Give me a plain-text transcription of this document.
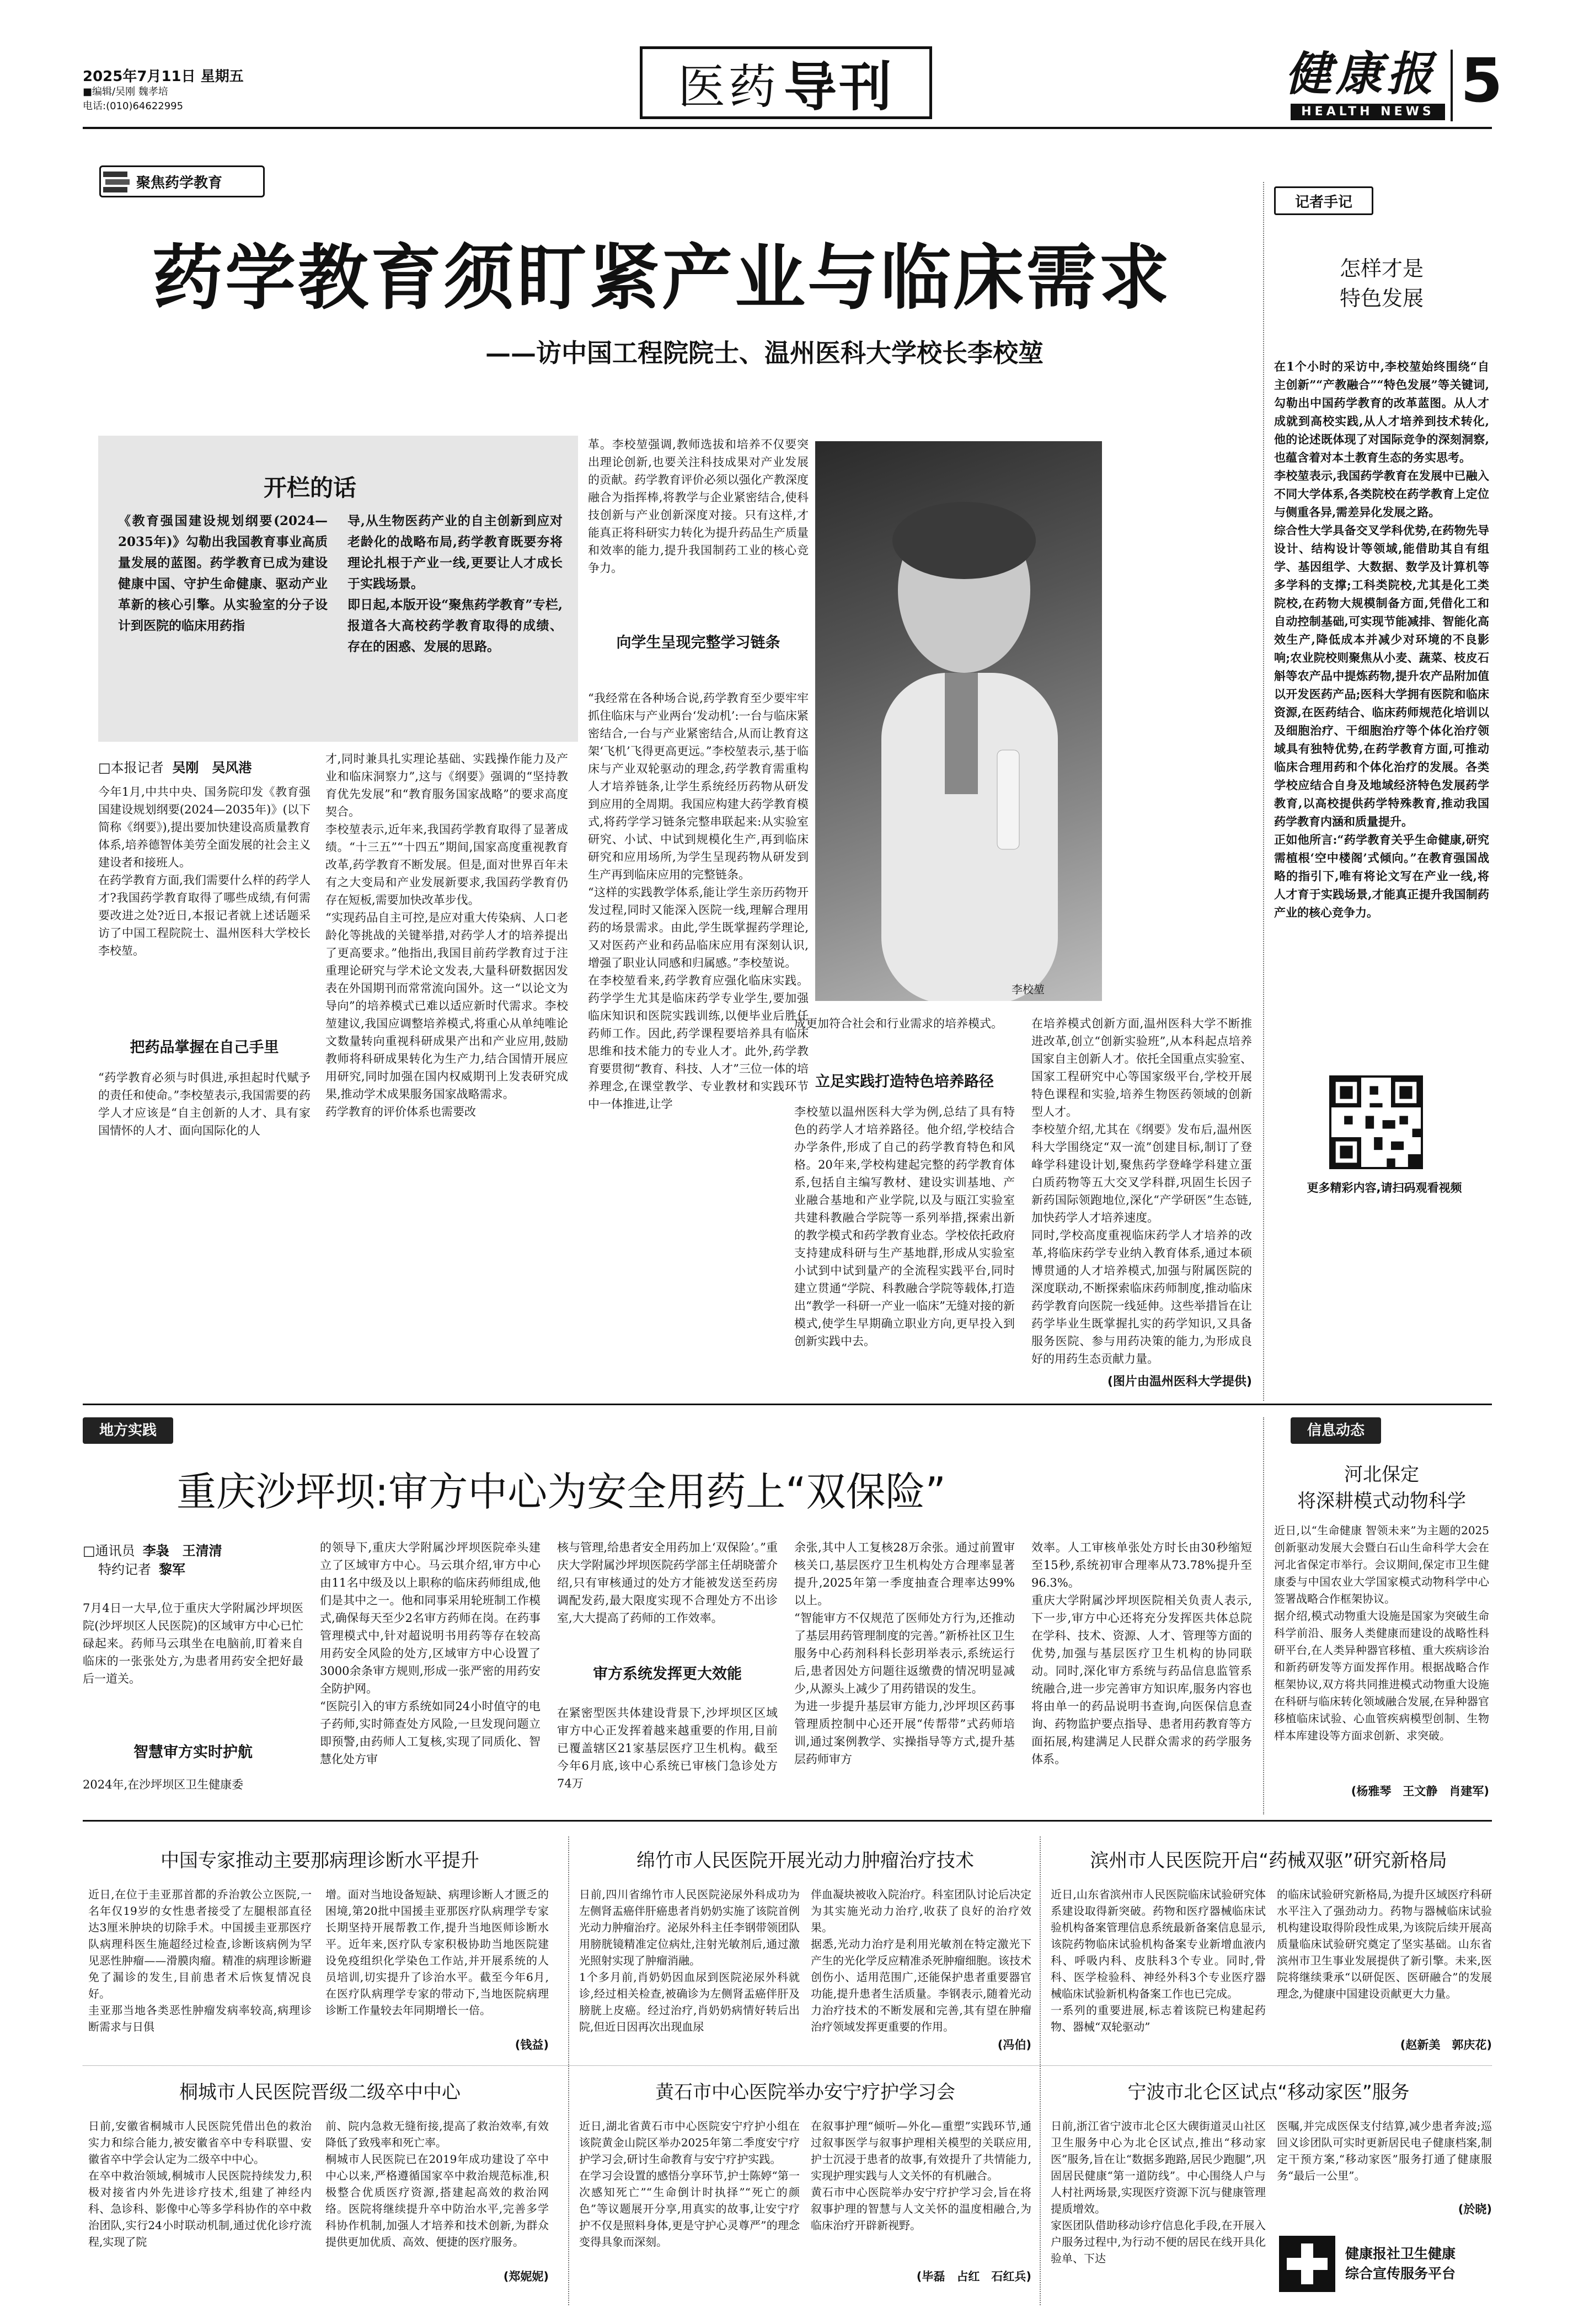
2025年7月11日 星期五
■编辑/吴刚 魏孝培
电话:(010)64622995	医药 导刊	健康报
HEALTH NEWS 5
聚焦药学教育
药学教育须盯紧产业与临床需求
——访中国工程院院士、温州医科大学校长李校堃
开栏的话
《教育强国建设规划纲要(2024—2035年)》勾勒出我国教育事业高质量发展的蓝图。药学教育已成为建设健康中国、守护生命健康、驱动产业革新的核心引擎。从实验室的分子设计到医院的临床用药指
导,从生物医药产业的自主创新到应对老龄化的战略布局,药学教育既要夯将理论扎根于产业一线,更要让人才成长于实践场景。
即日起,本版开设“聚焦药学教育”专栏,报道各大高校药学教育取得的成绩、存在的困惑、发展的思路。
□本报记者 吴刚　吴风港
今年1月,中共中央、国务院印发《教育强国建设规划纲要(2024—2035年)》(以下简称《纲要》),提出要加快建设高质量教育体系,培养德智体美劳全面发展的社会主义建设者和接班人。
在药学教育方面,我们需要什么样的药学人才?我国药学教育取得了哪些成绩,有何需要改进之处?近日,本报记者就上述话题采访了中国工程院院士、温州医科大学校长李校堃。
把药品掌握在自己手里
“药学教育必须与时俱进,承担起时代赋予的责任和使命。”李校堃表示,我国需要的药学人才应该是“自主创新的人才、具有家国情怀的人才、面向国际化的人
才,同时兼具扎实理论基础、实践操作能力及产业和临床洞察力”,这与《纲要》强调的“坚持教育优先发展”和“教育服务国家战略”的要求高度契合。
李校堃表示,近年来,我国药学教育取得了显著成绩。“十三五”“十四五”期间,国家高度重视教育改革,药学教育不断发展。但是,面对世界百年未有之大变局和产业发展新要求,我国药学教育仍存在短板,需要加快改革步伐。
“实现药品自主可控,是应对重大传染病、人口老龄化等挑战的关键举措,对药学人才的培养提出了更高要求。”他指出,我国目前药学教育过于注重理论研究与学术论文发表,大量科研数据因发表在外国期刊而常常流向国外。这一“以论文为导向”的培养模式已难以适应新时代需求。李校堃建议,我国应调整培养模式,将重心从单纯唯论文数量转向重视科研成果产出和产业应用,鼓励教师将科研成果转化为生产力,结合国情开展应用研究,同时加强在国内权威期刊上发表研究成果,推动学术成果服务国家战略需求。
药学教育的评价体系也需要改
革。李校堃强调,教师选拔和培养不仅要突出理论创新,也要关注科技成果对产业发展的贡献。药学教育评价必须以强化产教深度融合为指挥棒,将教学与企业紧密结合,使科技创新与产业创新深度对接。只有这样,才能真正将科研实力转化为提升药品生产质量和效率的能力,提升我国制药工业的核心竞争力。
向学生呈现完整学习链条
“我经常在各种场合说,药学教育至少要牢牢抓住临床与产业两台‘发动机’:一台与临床紧密结合,一台与产业紧密结合,从而让教育这架‘飞机’飞得更高更远。”李校堃表示,基于临床与产业双轮驱动的理念,药学教育需重构人才培养链条,让学生系统经历药物从研发到应用的全周期。我国应构建大药学教育模式,将药学学习链条完整串联起来:从实验室研究、小试、中试到规模化生产,再到临床研究和应用场所,为学生呈现药物从研发到生产再到临床应用的完整链条。
“这样的实践教学体系,能让学生亲历药物开发过程,同时又能深入医院一线,理解合理用药的场景需求。由此,学生既掌握药学理论,又对医药产业和药品临床应用有深刻认识,增强了职业认同感和归属感。”李校堃说。
在李校堃看来,药学教育应强化临床实践。药学学生尤其是临床药学专业学生,要加强临床知识和医院实践训练,以便毕业后胜任药师工作。因此,药学课程要培养具有临床思维和技术能力的专业人才。此外,药学教育要贯彻“教育、科技、人才”三位一体的培养理念,在课堂教学、专业教材和实践环节中一体推进,让学
李校堃
成更加符合社会和行业需求的培养模式。
立足实践打造特色培养路径
李校堃以温州医科大学为例,总结了具有特色的药学人才培养路径。他介绍,学校结合办学条件,形成了自己的药学教育特色和风格。20年来,学校构建起完整的药学教育体系,包括自主编写教材、建设实训基地、产业融合基地和产业学院,以及与瓯江实验室共建科教融合学院等一系列举措,探索出新的教学模式和药学教育业态。学校依托政府支持建成科研与生产基地群,形成从实验室小试到中试到量产的全流程实践平台,同时建立贯通“学院、科教融合学院等载体,打造出“教学一科研一产业一临床”无缝对接的新模式,使学生早期确立职业方向,更早投入到创新实践中去。
在培养模式创新方面,温州医科大学不断推进改革,创立“创新实验班”,从本科起点培养国家自主创新人才。依托全国重点实验室、国家工程研究中心等国家级平台,学校开展特色课程和实验,培养生物医药领域的创新型人才。
李校堃介绍,尤其在《纲要》发布后,温州医科大学围绕定“双一流”创建目标,制订了登峰学科建设计划,聚焦药学登峰学科建立蛋白质药物等五大交叉学科群,巩固生长因子新药国际领跑地位,深化“产学研医”生态链,加快药学人才培养速度。
同时,学校高度重视临床药学人才培养的改革,将临床药学专业纳入教育体系,通过本硕博贯通的人才培养模式,加强与附属医院的深度联动,不断探索临床药师制度,推动临床药学教育向医院一线延伸。这些举措旨在让药学毕业生既掌握扎实的药学知识,又具备服务医院、参与用药决策的能力,为形成良好的用药生态贡献力量。
(图片由温州医科大学提供)
记者手记
怎样才是
特色发展
在1个小时的采访中,李校堃始终围绕“自主创新”“产教融合”“特色发展”等关键词,勾勒出中国药学教育的改革蓝图。从人才成就到高校实践,从人才培养到技术转化,他的论述既体现了对国际竞争的深刻洞察,也蕴含着对本土教育生态的务实思考。
李校堃表示,我国药学教育在发展中已融入不同大学体系,各类院校在药学教育上定位与侧重各异,需差异化发展之路。
综合性大学具备交叉学科优势,在药物先导设计、结构设计等领域,能借助其自有组学、基因组学、大数据、数学及计算机等多学科的支撑;工科类院校,尤其是化工类院校,在药物大规模制备方面,凭借化工和自动控制基础,可实现节能减排、智能化高效生产,降低成本并减少对环境的不良影响;农业院校则聚焦从小麦、蔬菜、枝皮石斛等农产品中提炼药物,提升农产品附加值以开发医药产品;医科大学拥有医院和临床资源,在医药结合、临床药师规范化培训以及细胞治疗、干细胞治疗等个体化治疗领域具有独特优势,在药学教育方面,可推动临床合理用药和个体化治疗的发展。各类学校应结合自身及地域经济特色发展药学教育,以高校提供药学特殊教育,推动我国药学教育内涵和质量提升。
正如他所言:“药学教育关乎生命健康,研究需植根‘空中楼阁’式倾向。”在教育强国战略的指引下,唯有将论文写在产业一线,将人才育于实践场景,才能真正提升我国制药产业的核心竞争力。
更多精彩内容,请扫码观看视频
地方实践
重庆沙坪坝:审方中心为安全用药上“双保险”
□通讯员 李袅　王清清
特约记者 黎军
7月4日一大早,位于重庆大学附属沙坪坝医院(沙坪坝区人民医院)的区域审方中心已忙碌起来。药师马云琪坐在电脑前,盯着来自临床的一张张处方,为患者用药安全把好最后一道关。
智慧审方实时护航
2024年,在沙坪坝区卫生健康委
的领导下,重庆大学附属沙坪坝医院牵头建立了区域审方中心。马云琪介绍,审方中心由11名中级及以上职称的临床药师组成,他们是其中之一。他和同事采用轮班制工作模式,确保每天至少2名审方药师在岗。在药事管理模式中,针对超说明书用药等存在较高用药安全风险的处方,区域审方中心设置了3000余条审方规则,形成一张严密的用药安全防护网。
“医院引入的审方系统如同24小时值守的电子药师,实时筛查处方风险,一旦发现问题立即预警,由药师人工复核,实现了同质化、智慧化处方审
核与管理,给患者安全用药加上‘双保险’。”重庆大学附属沙坪坝医院药学部主任胡晓蕾介绍,只有审核通过的处方才能被发送至药房调配发药,最大限度实现不合理处方不出诊室,大大提高了药师的工作效率。
审方系统发挥更大效能
在紧密型医共体建设背景下,沙坪坝区区域审方中心正发挥着越来越重要的作用,目前已覆盖辖区21家基层医疗卫生机构。截至今年6月底,该中心系统已审核门急诊处方74万
余张,其中人工复核28万余张。通过前置审核关口,基层医疗卫生机构处方合理率显著提升,2025年第一季度抽查合理率达99%以上。
“智能审方不仅规范了医师处方行为,还推动了基层用药管理制度的完善。”新桥社区卫生服务中心药剂科科长彭玥举表示,系统运行后,患者因处方问题往返缴费的情况明显减少,从源头上减少了用药错误的发生。
为进一步提升基层审方能力,沙坪坝区药事管理质控制中心还开展“传帮带”式药师培训,通过案例教学、实操指导等方式,提升基层药师审方
效率。人工审核单张处方时长由30秒缩短至15秒,系统初审合理率从73.78%提升至96.3%。
重庆大学附属沙坪坝医院相关负责人表示,下一步,审方中心还将充分发挥医共体总院在学科、技术、资源、人才、管理等方面的优势,加强与基层医疗卫生机构的协同联动。同时,深化审方系统与药品信息监管系统融合,进一步完善审方知识库,服务内容也将由单一的药品说明书查询,向医保信息查询、药物监护要点指导、患者用药教育等方面拓展,构建满足人民群众需求的药学服务体系。
信息动态
河北保定
将深耕模式动物科学
近日,以“生命健康 智领未来”为主题的2025创新驱动发展大会暨白石山生命科学大会在河北省保定市举行。会议期间,保定市卫生健康委与中国农业大学国家模式动物科学中心签署战略合作框架协议。
据介绍,模式动物重大设施是国家为突破生命科学前沿、服务人类健康而建设的战略性科研平台,在人类异种器官移植、重大疾病诊治和新药研发等方面发挥作用。根据战略合作框架协议,双方将共同推进模式动物重大设施在科研与临床转化领域融合发展,在异种器官移植临床试验、心血管疾病模型创制、生物样本库建设等方面求创新、求突破。
(杨雅琴　王文静　肖建军)
中国专家推动主要那病理诊断水平提升
近日,在位于圭亚那首都的乔治敦公立医院,一名年仅19岁的女性患者接受了左腿根部直径达3厘米肿块的切除手术。中国援圭亚那医疗队病理科医生施超经过检查,诊断该病例为罕见恶性肿瘤——滑膜肉瘤。精准的病理诊断避免了漏诊的发生,目前患者术后恢复情况良好。
圭亚那当地各类恶性肿瘤发病率较高,病理诊断需求与日俱
增。面对当地设备短缺、病理诊断人才匮乏的困境,第20批中国援圭亚那医疗队病理学专家长期坚持开展帮教工作,提升当地医师诊断水平。近年来,医疗队专家积极协助当地医院建设免疫组织化学染色工作站,并开展系统的人员培训,切实提升了诊治水平。截至今年6月,在医疗队病理学专家的带动下,当地医院病理诊断工作量较去年同期增长一倍。
(钱益)
绵竹市人民医院开展光动力肿瘤治疗技术
日前,四川省绵竹市人民医院泌尿外科成功为左侧肾盂癌伴肝癌患者肖奶奶实施了该院首例光动力肿瘤治疗。泌尿外科主任李钢带领团队用膀胱镜精准定位病灶,注射光敏剂后,通过激光照射实现了肿瘤消融。
1个多月前,肖奶奶因血尿到医院泌尿外科就诊,经过相关检查,被确诊为左侧肾盂癌伴肝及膀胱上皮癌。经过治疗,肖奶奶病情好转后出院,但近日因再次出现血尿
伴血凝块被收入院治疗。科室团队讨论后决定为其实施光动力治疗,收获了良好的治疗效果。
据悉,光动力治疗是利用光敏剂在特定激光下产生的光化学反应精准杀死肿瘤细胞。该技术创伤小、适用范围广,还能保护患者重要器官功能,提升患者生活质量。李钢表示,随着光动力治疗技术的不断发展和完善,其有望在肿瘤治疗领域发挥更重要的作用。
(冯伯)
滨州市人民医院开启“药械双驱”研究新格局
近日,山东省滨州市人民医院临床试验研究体系建设取得新突破。药物和医疗器械临床试验机构备案管理信息系统最新备案信息显示,该院药物临床试验机构备案专业新增血液内科、呼吸内科、皮肤科3个专业。同时,骨科、医学检验科、神经外科3个专业医疗器械临床试验新机构备案工作也已完成。
一系列的重要进展,标志着该院已构建起药物、器械“双轮驱动”
的临床试验研究新格局,为提升区域医疗科研水平注入了强劲动力。药物与器械临床试验机构建设取得阶段性成果,为该院后续开展高质量临床试验研究奠定了坚实基础。山东省滨州市卫生事业发展提供了新引擎。未来,医院将继续秉承“以研促医、医研融合”的发展理念,为健康中国建设贡献更大力量。
(赵新美　郭庆花)
桐城市人民医院晋级二级卒中中心
日前,安徽省桐城市人民医院凭借出色的救治实力和综合能力,被安徽省卒中专科联盟、安徽省卒中学会认定为二级卒中中心。
在卒中救治领域,桐城市人民医院持续发力,积极对接省内外先进诊疗技术,组建了神经内科、急诊科、影像中心等多学科协作的卒中救治团队,实行24小时联动机制,通过优化诊疗流程,实现了院
前、院内急救无缝衔接,提高了救治效率,有效降低了致残率和死亡率。
桐城市人民医院已在2019年成功建设了卒中中心以来,严格遵循国家卒中救治规范标准,积极整合优质医疗资源,搭建起高效的救治网络。医院将继续提升卒中防治水平,完善多学科协作机制,加强人才培养和技术创新,为群众提供更加优质、高效、便捷的医疗服务。
(郑妮妮)
黄石市中心医院举办安宁疗护学习会
近日,湖北省黄石市中心医院安宁疗护小组在该院黄金山院区举办2025年第二季度安宁疗护学习会,研讨生命教育与安宁疗护实践。
在学习会设置的感悟分享环节,护士陈婷“第一次感知死亡”“生命倒计时执择”“死亡的颜色”等议题展开分享,用真实的故事,让安宁疗护不仅是照料身体,更是守护心灵尊严”的理念变得具象而深刻。
在叙事护理“倾听—外化—重塑”实践环节,通过叙事医学与叙事护理相关模型的关联应用,护士沉浸于患者的故事,有效提升了共情能力,实现护理实践与人文关怀的有机融合。
黄石市中心医院举办安宁疗护学习会,旨在将叙事护理的智慧与人文关怀的温度相融合,为临床治疗开辟新视野。
(毕磊　占红　石红兵)
宁波市北仑区试点“移动家医”服务
日前,浙江省宁波市北仑区大碶街道灵山社区卫生服务中心为北仑区试点,推出“移动家医”服务,旨在让“数据多跑路,居民少跑腿”,巩固居民健康“第一道防线”。中心围绕人户与人村社两场景,实现医疗资源下沉与健康管理提质增效。
家医团队借助移动诊疗信息化手段,在开展入户服务过程中,为行动不便的居民在线开具化验单、下达
医嘱,并完成医保支付结算,减少患者奔波;巡回义诊团队可实时更新居民电子健康档案,制定干预方案,“移动家医”服务打通了健康服务“最后一公里”。
(於晓)
健康报社卫生健康
综合宣传服务平台
